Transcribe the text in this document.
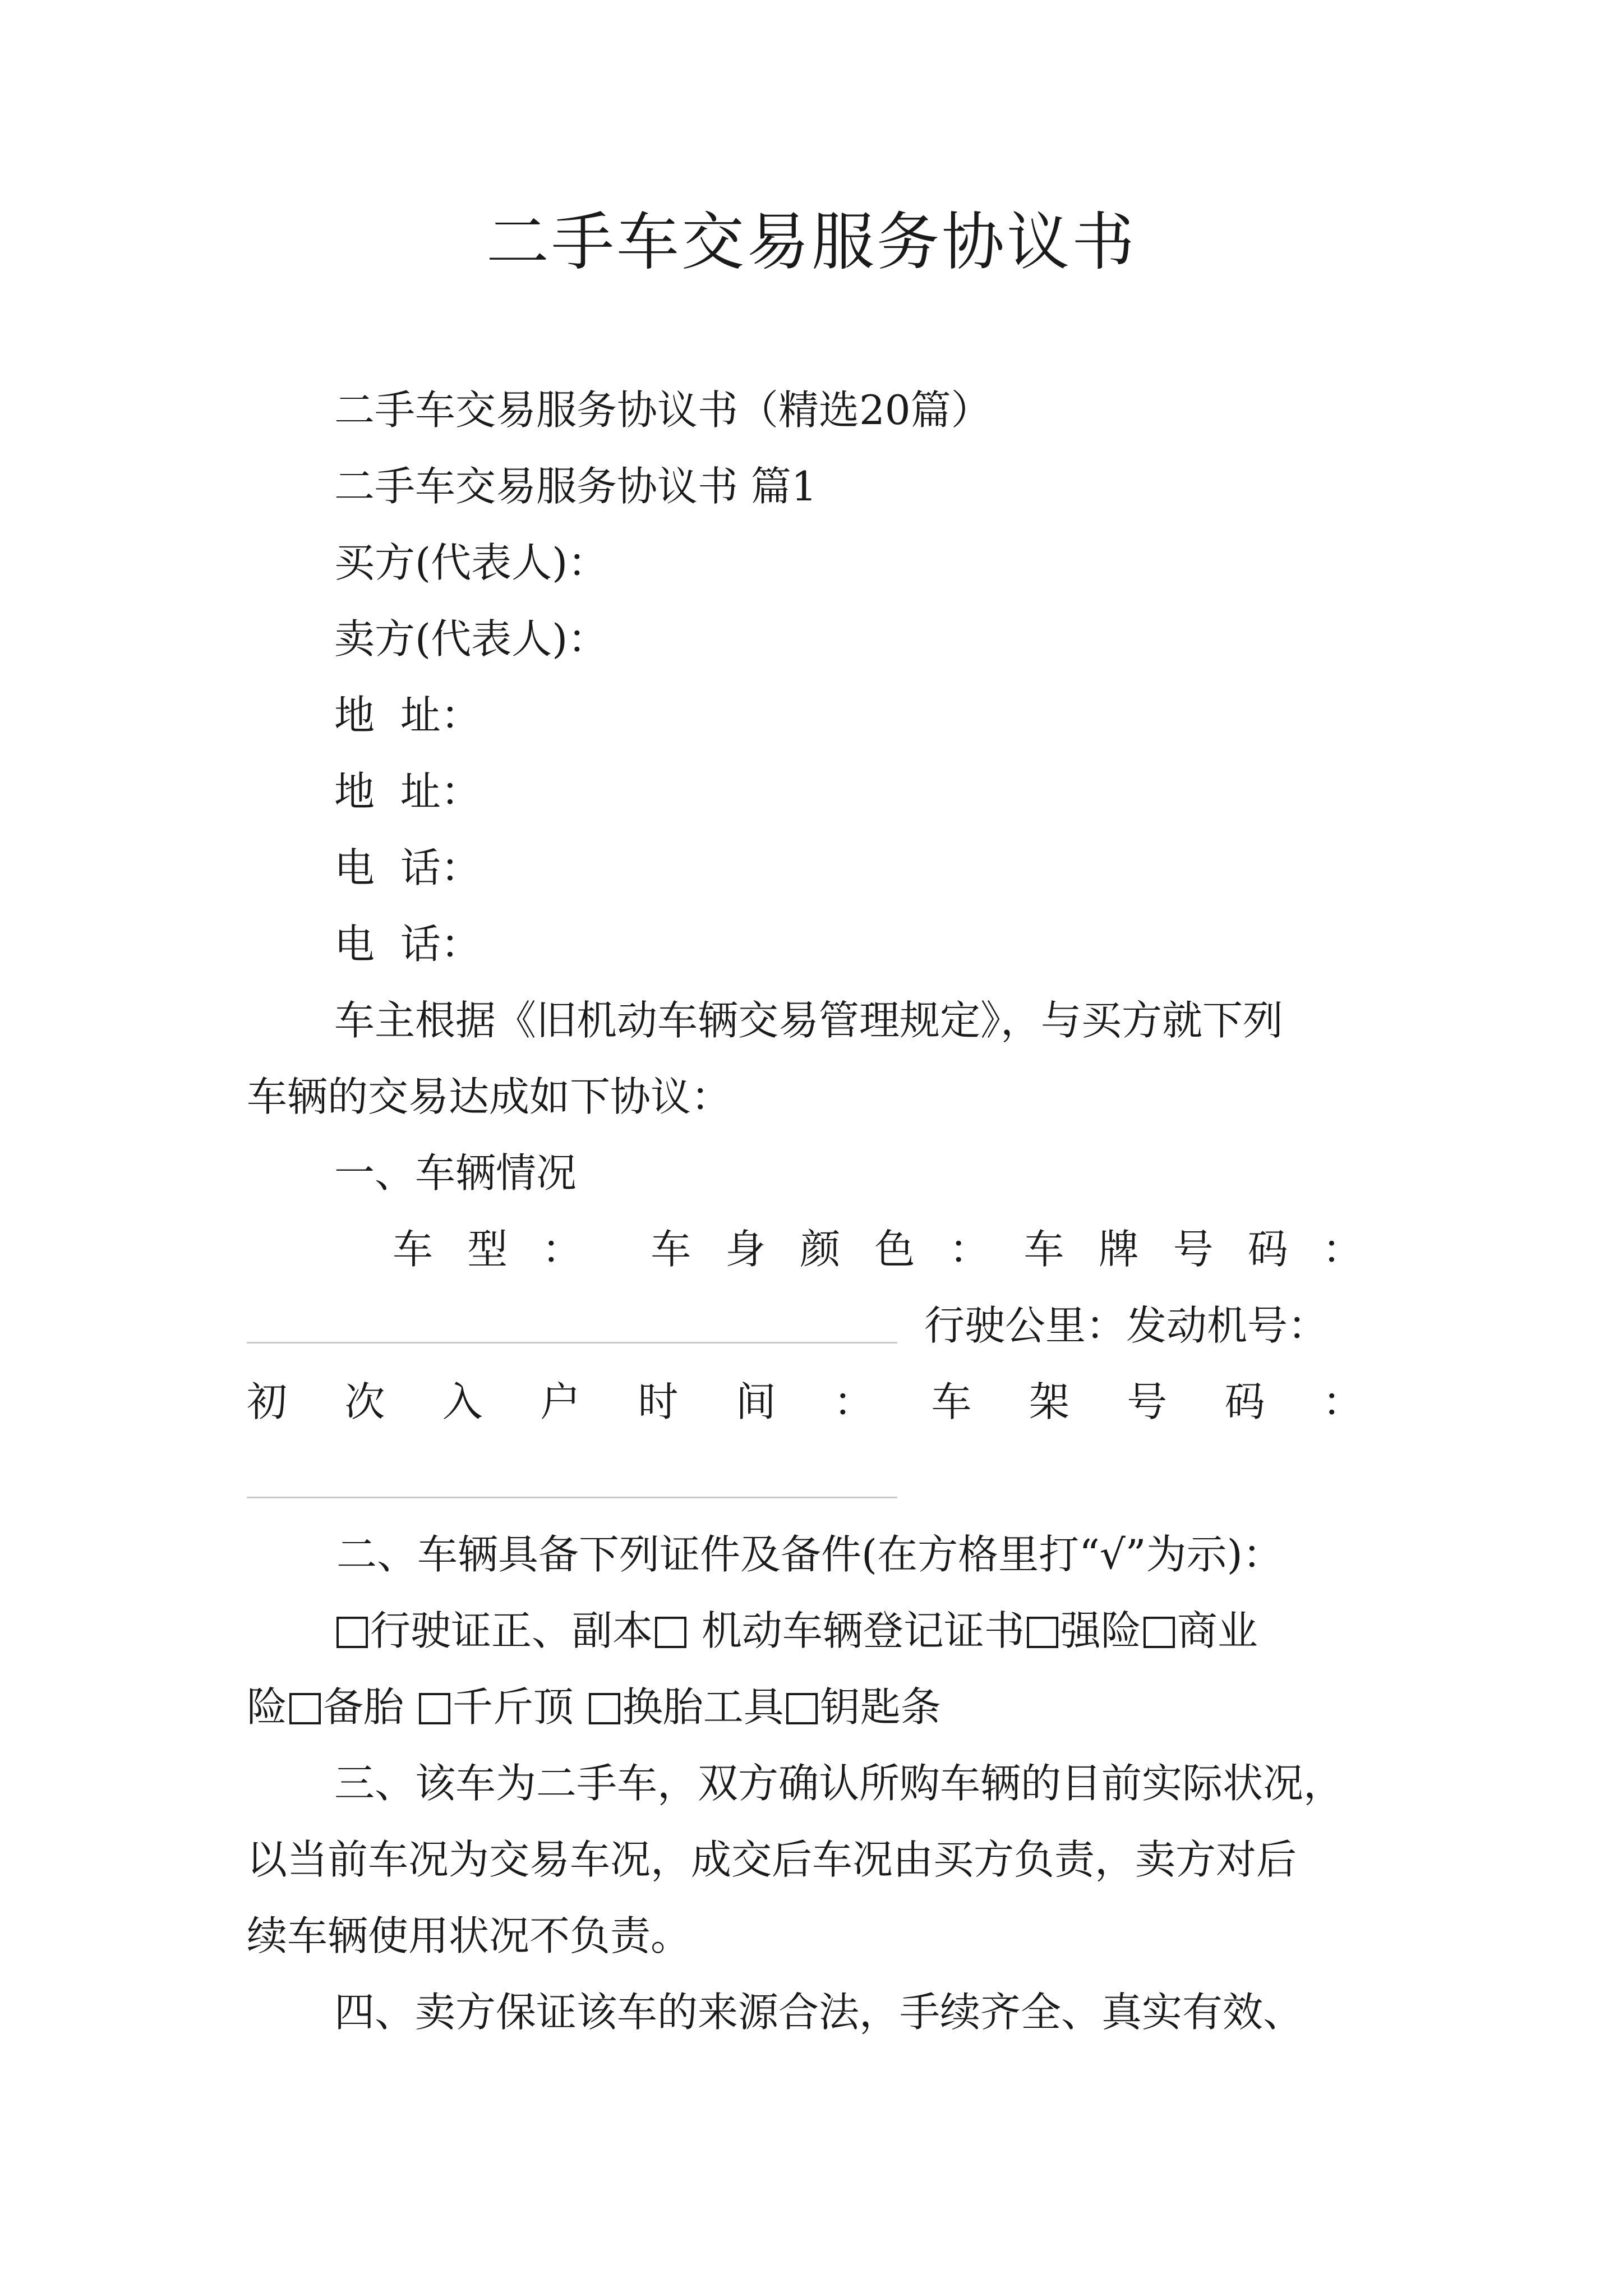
二手车交易服务协议书
二手车交易服务协议书（精选20篇）
二手车交易服务协议书 篇1
买方(代表人)：
卖方(代表人)：
地  址：
地  址：
电  话：
电  话：
车主根据《旧机动车辆交易管理规定》，与买方就下列
车辆的交易达成如下协议：
一、车辆情况
车 型 ： 车 身 颜 色 ： 车 牌 号 码 ：
行驶公里：发动机号：
初 次 入 户 时 间 ： 车 架 号 码 ：
二、车辆具备下列证件及备件(在方格里打“√”为示)：
行驶证正、副本 机动车辆登记证书 强险 商业
险 备胎 千斤顶 换胎工具 钥匙条
三、该车为二手车，双方确认所购车辆的目前实际状况，
以当前车况为交易车况，成交后车况由买方负责，卖方对后
续车辆使用状况不负责。
四、卖方保证该车的来源合法，手续齐全、真实有效、
